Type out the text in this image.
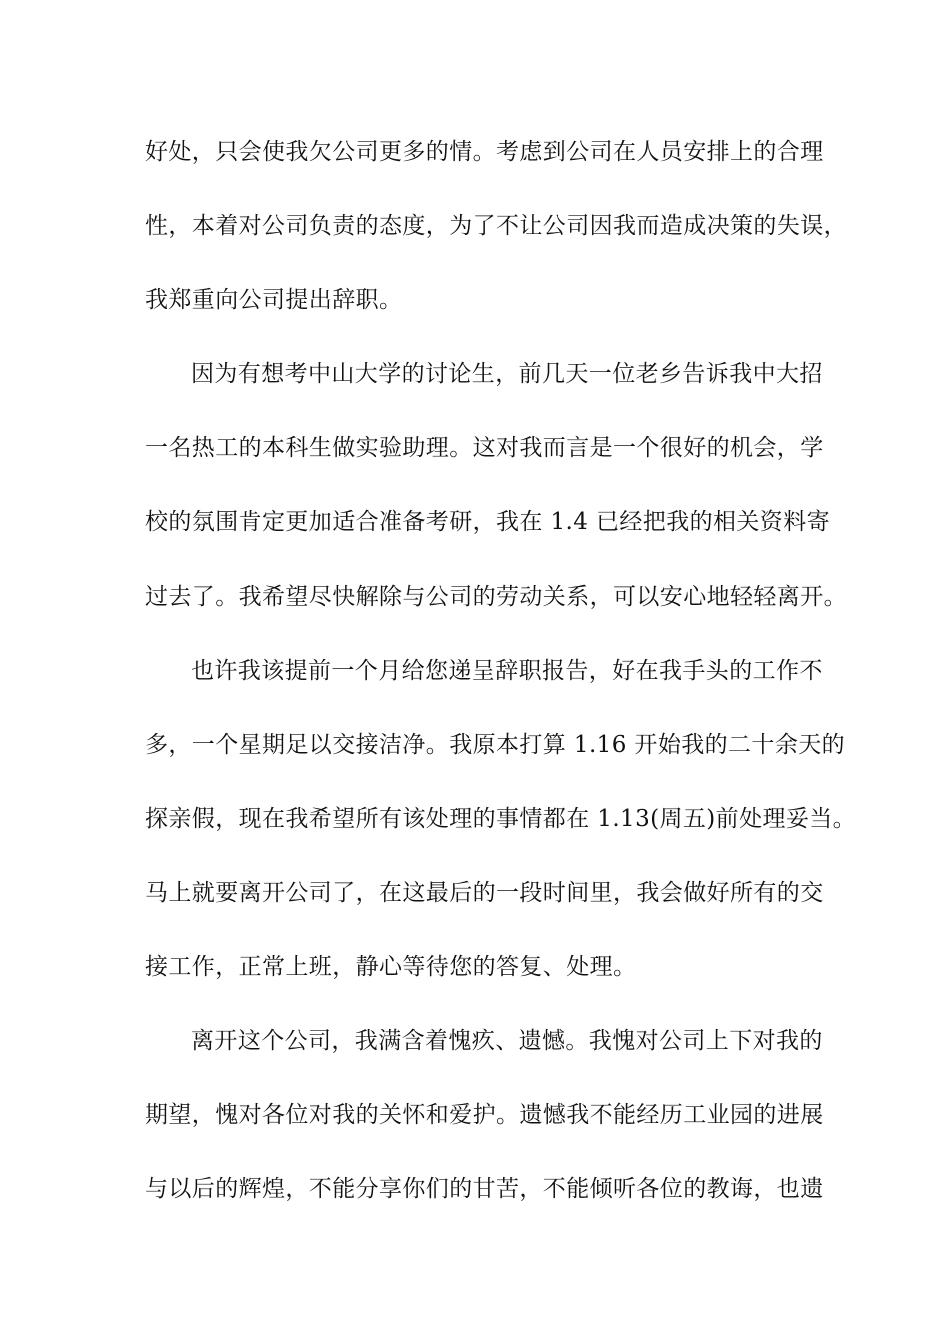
好处，只会使我欠公司更多的情。考虑到公司在人员安排上的合理

性，本着对公司负责的态度，为了不让公司因我而造成决策的失误，

我郑重向公司提出辞职。

因为有想考中山大学的讨论生，前几天一位老乡告诉我中大招

一名热工的本科生做实验助理。这对我而言是一个很好的机会，学

校的氛围肯定更加适合准备考研，我在 1.4 已经把我的相关资料寄

过去了。我希望尽快解除与公司的劳动关系，可以安心地轻轻离开。

也许我该提前一个月给您递呈辞职报告，好在我手头的工作不

多，一个星期足以交接洁净。我原本打算 1.16 开始我的二十余天的

探亲假，现在我希望所有该处理的事情都在 1.13(周五)前处理妥当。

马上就要离开公司了，在这最后的一段时间里，我会做好所有的交

接工作，正常上班，静心等待您的答复、处理。

离开这个公司，我满含着愧疚、遗憾。我愧对公司上下对我的

期望，愧对各位对我的关怀和爱护。遗憾我不能经历工业园的进展

与以后的辉煌，不能分享你们的甘苦，不能倾听各位的教诲，也遗
